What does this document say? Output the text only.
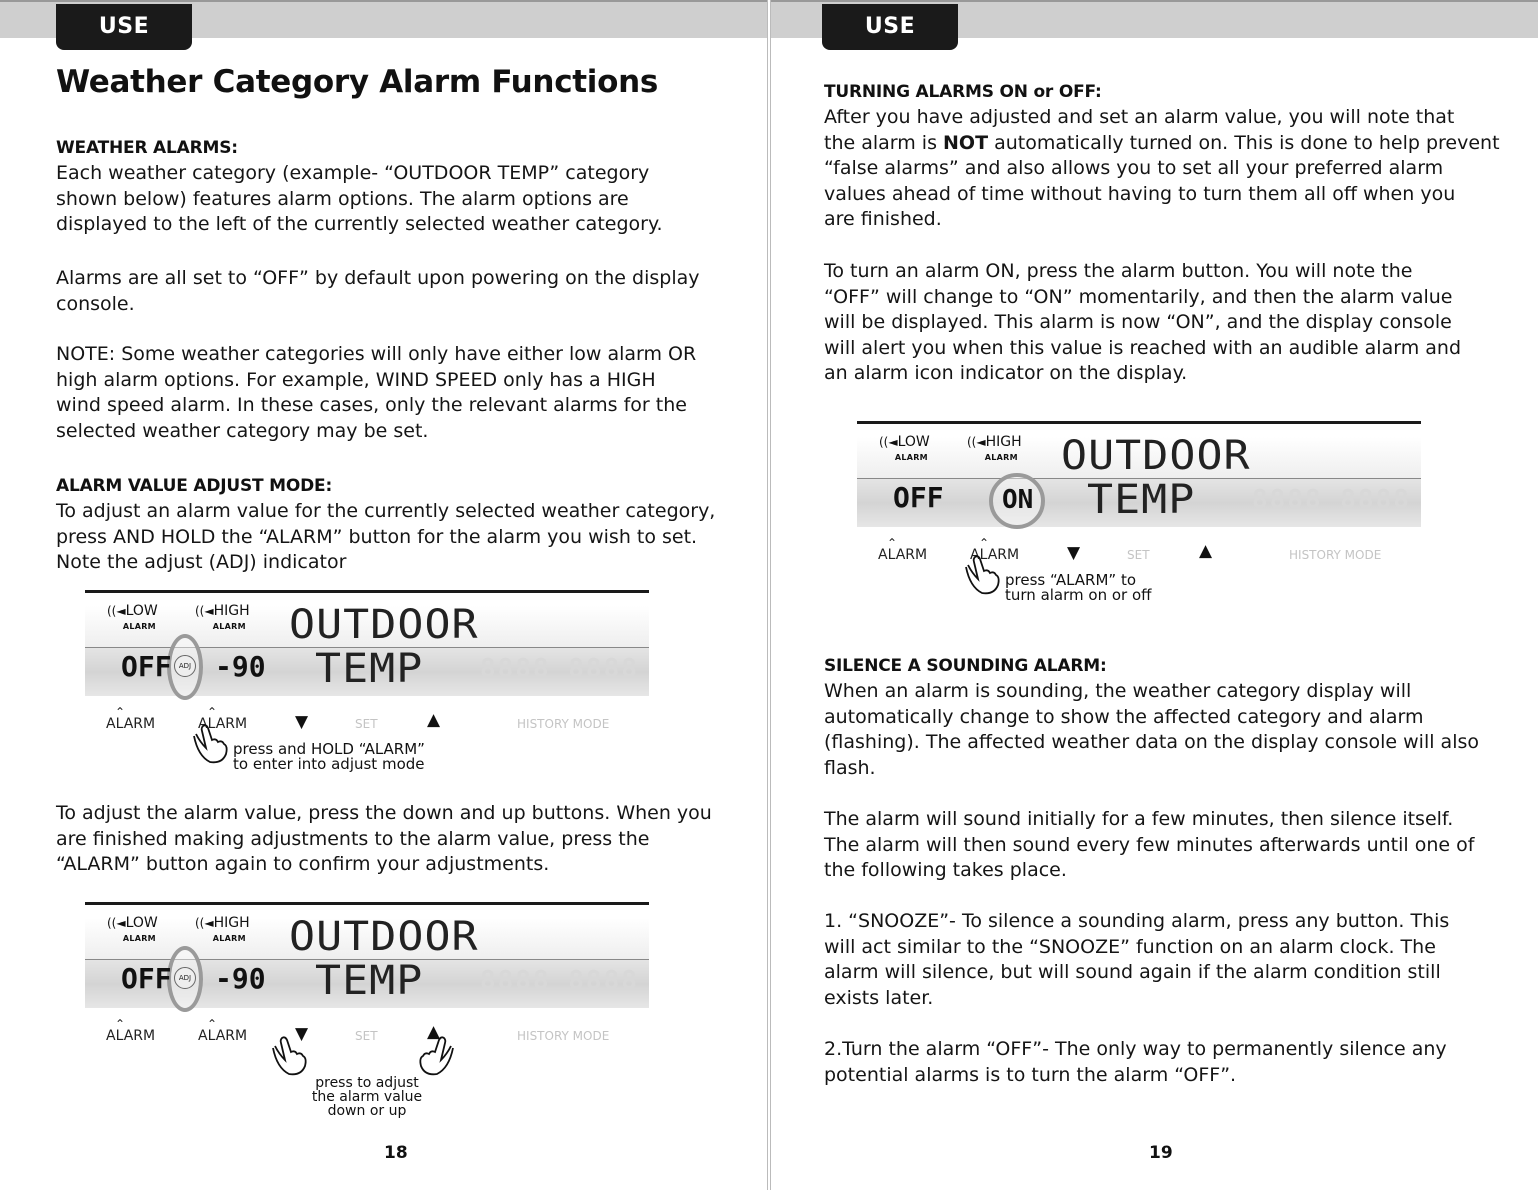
USE
Weather Category Alarm Functions
WEATHER ALARMS:
Each weather category (example- “OUTDOOR TEMP” category
shown below) features alarm options. The alarm options are
displayed to the left of the currently selected weather category.
Alarms are all set to “OFF” by default upon powering on the display
console.
NOTE: Some weather categories will only have either low alarm OR
high alarm options. For example, WIND SPEED only has a HIGH
wind speed alarm. In these cases, only the relevant alarms for the
selected weather category may be set.
ALARM VALUE ADJUST MODE:
To adjust an alarm value for the currently selected weather category,
press AND HOLD the “ALARM” button for the alarm you wish to set.
Note the adjust (ADJ) indicator
((◄LOW
ALARM
((◄HIGH
ALARM OUTDOOR
TEMP 8888 8888
OFF	ADJ -90
⌃
ALARM
⌃
ALARM	▼	SET	▲	HISTORY MODE
press and HOLD “ALARM”
to enter into adjust mode
To adjust the alarm value, press the down and up buttons. When you
are finished making adjustments to the alarm value, press the
“ALARM” button again to confirm your adjustments.
((◄LOW
ALARM
((◄HIGH
ALARM OUTDOOR
TEMP 8888 8888
OFF	ADJ -90
⌃
ALARM
⌃
ALARM	▼	SET	▲	HISTORY MODE
press to adjust
the alarm value
down or up
18
USE
TURNING ALARMS ON or OFF:
After you have adjusted and set an alarm value, you will note that
the alarm is NOT automatically turned on. This is done to help prevent
“false alarms” and also allows you to set all your preferred alarm
values ahead of time without having to turn them all off when you
are finished.
To turn an alarm ON, press the alarm button. You will note the
“OFF” will change to “ON” momentarily, and then the alarm value
will be displayed. This alarm is now “ON”, and the display console
will alert you when this value is reached with an audible alarm and
an alarm icon indicator on the display.
((◄LOW
ALARM
((◄HIGH
ALARM OUTDOOR
TEMP 8888 8888
OFF ON
⌃
ALARM
⌃
ALARM	▼	SET	▲	HISTORY MODE
press “ALARM” to
turn alarm on or off
SILENCE A SOUNDING ALARM:
When an alarm is sounding, the weather category display will
automatically change to show the affected category and alarm
(flashing). The affected weather data on the display console will also
flash.
The alarm will sound initially for a few minutes, then silence itself.
The alarm will then sound every few minutes afterwards until one of
the following takes place.
1. “SNOOZE”- To silence a sounding alarm, press any button. This
will act similar to the “SNOOZE” function on an alarm clock. The
alarm will silence, but will sound again if the alarm condition still
exists later.
2.Turn the alarm “OFF”- The only way to permanently silence any
potential alarms is to turn the alarm “OFF”.
19
